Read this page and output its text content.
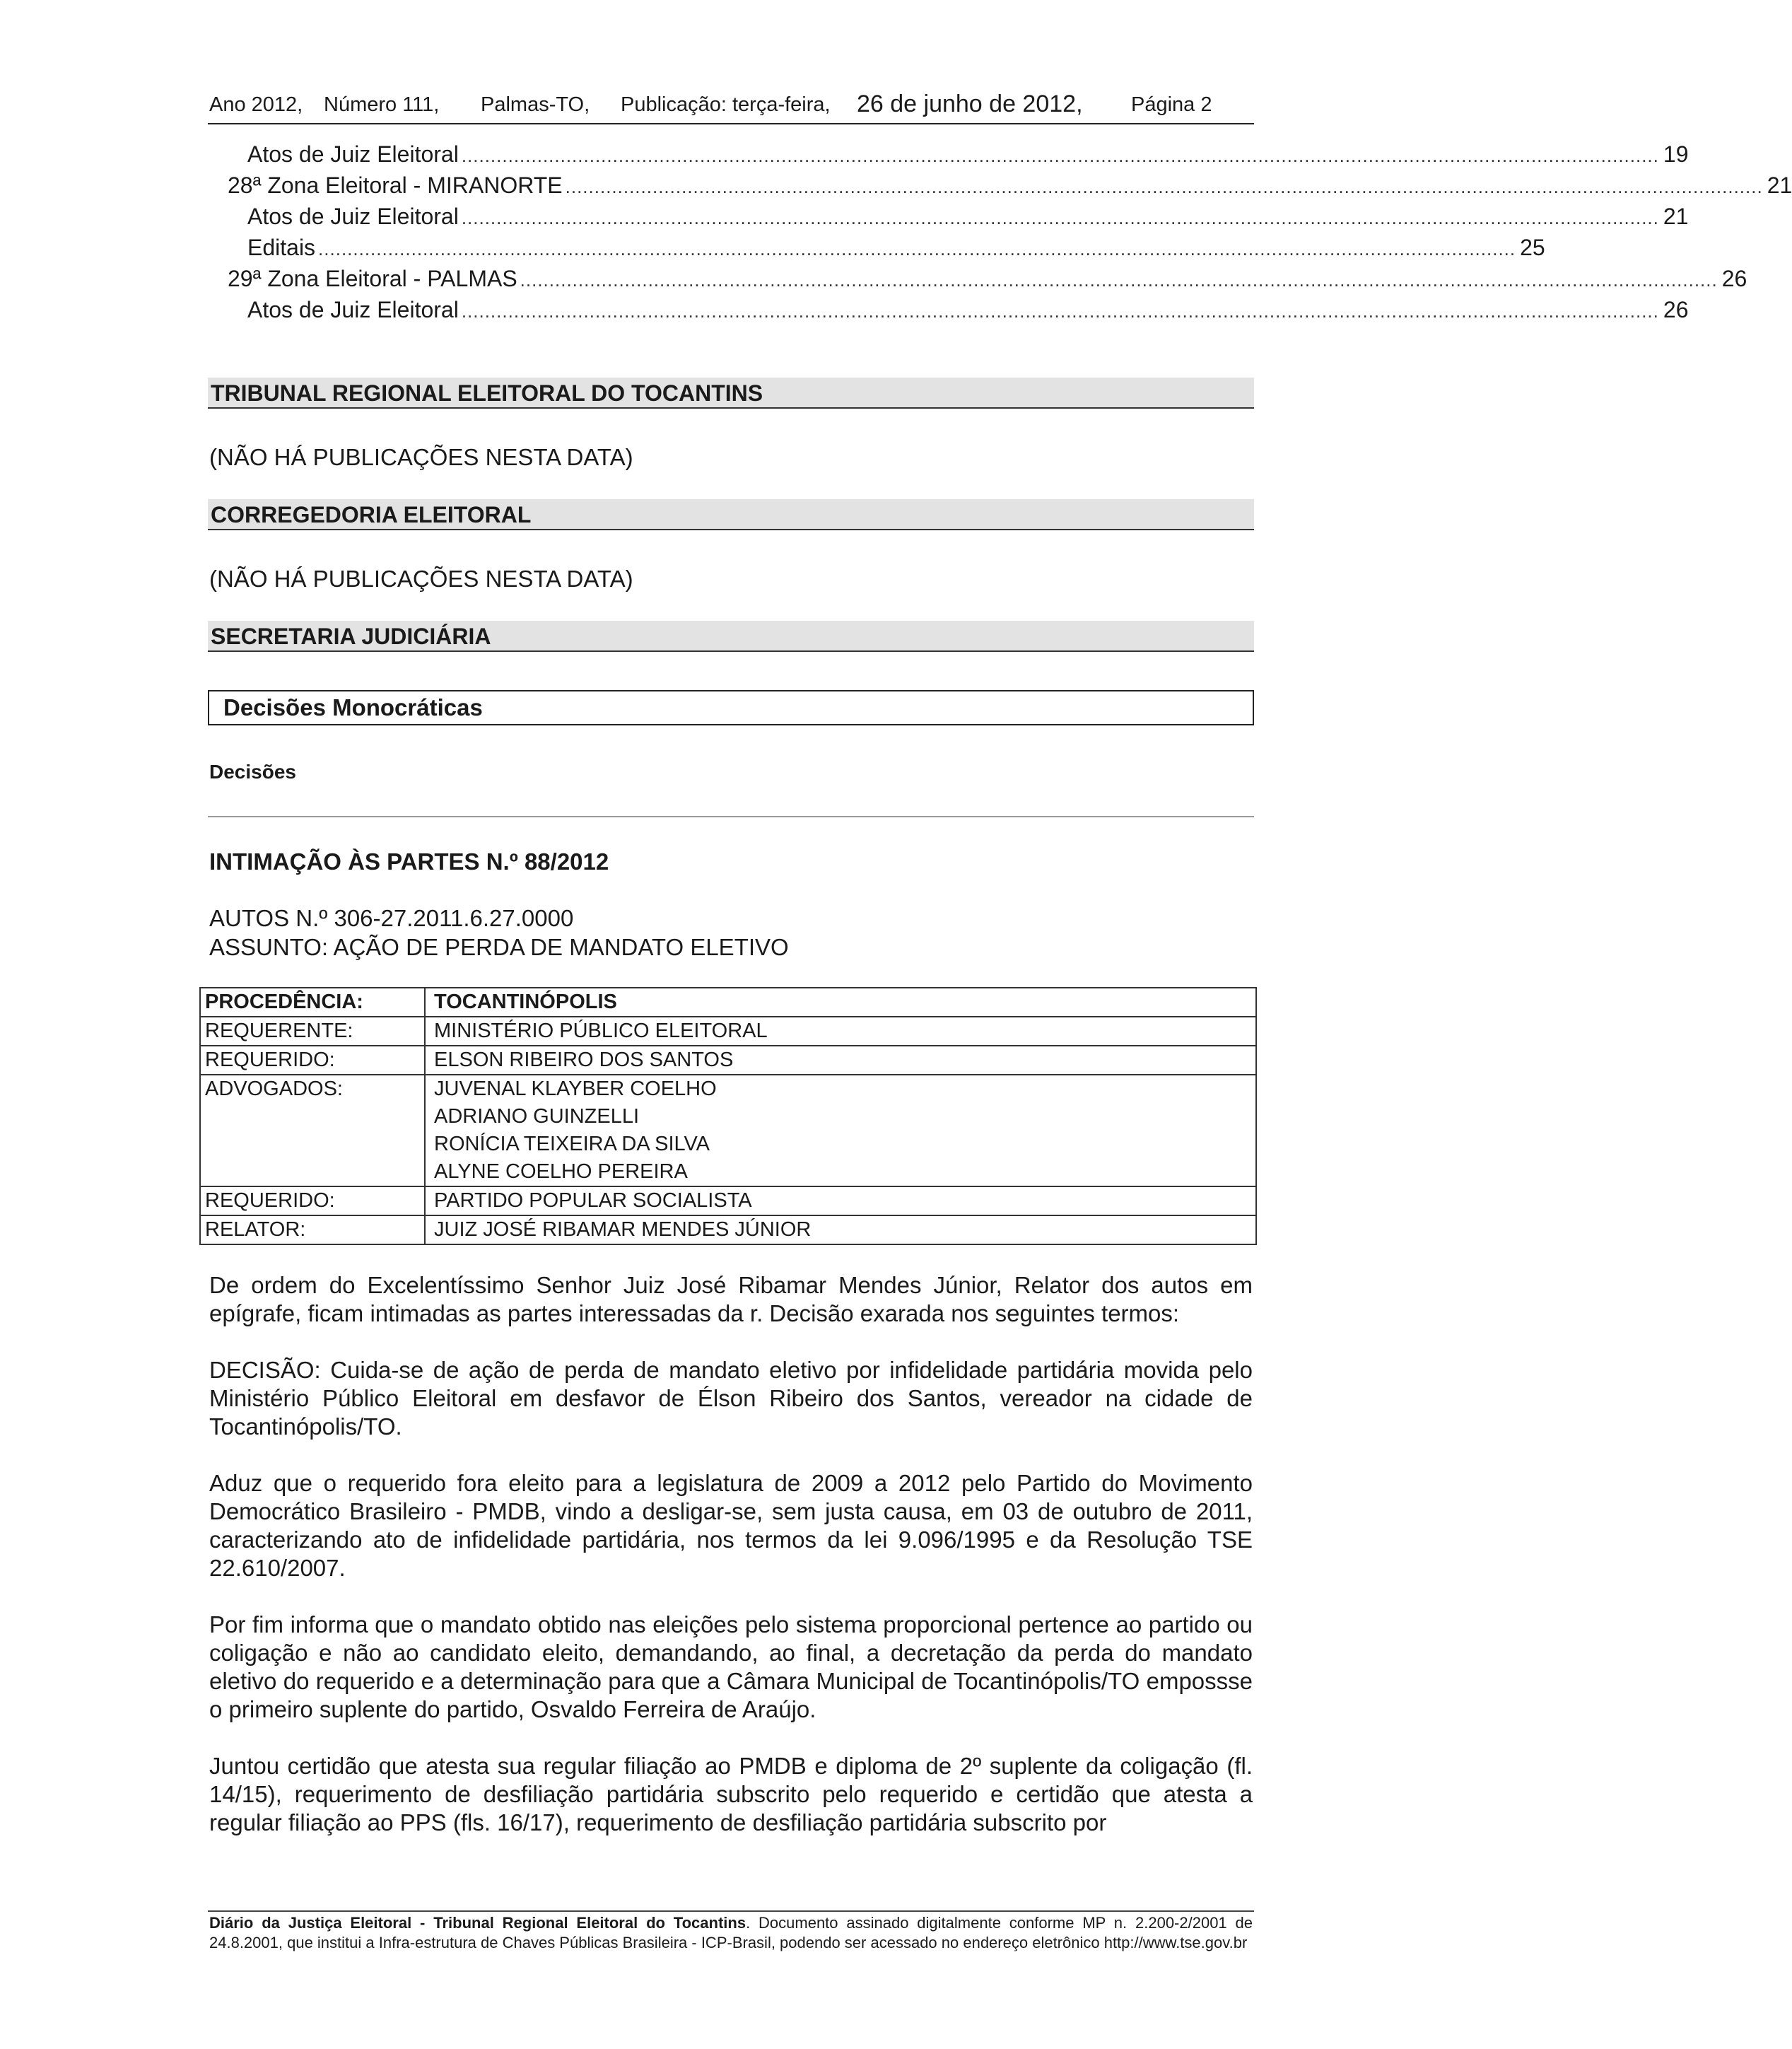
Ano 2012, Número 111, Palmas-TO, Publicação: terça-feira, 26 de junho de 2012, Página 2
Atos de Juiz Eleitoral .............................................................................................................................................................................................................. 19
28ª Zona Eleitoral - MIRANORTE .............................................................................................................................................................................................................. 21
Atos de Juiz Eleitoral .............................................................................................................................................................................................................. 21
Editais .............................................................................................................................................................................................................. 25
29ª Zona Eleitoral - PALMAS .............................................................................................................................................................................................................. 26
Atos de Juiz Eleitoral .............................................................................................................................................................................................................. 26
TRIBUNAL REGIONAL ELEITORAL DO TOCANTINS
(NÃO HÁ PUBLICAÇÕES NESTA DATA)
CORREGEDORIA ELEITORAL
(NÃO HÁ PUBLICAÇÕES NESTA DATA)
SECRETARIA JUDICIÁRIA
Decisões Monocráticas
Decisões
INTIMAÇÃO ÀS PARTES N.º 88/2012
AUTOS N.º 306-27.2011.6.27.0000
ASSUNTO: AÇÃO DE PERDA DE MANDATO ELETIVO
PROCEDÊNCIA:	TOCANTINÓPOLIS
REQUERENTE:	MINISTÉRIO PÚBLICO ELEITORAL
REQUERIDO:	ELSON RIBEIRO DOS SANTOS
ADVOGADOS:	JUVENAL KLAYBER COELHO
ADRIANO GUINZELLI
RONÍCIA TEIXEIRA DA SILVA
ALYNE COELHO PEREIRA

REQUERIDO:	PARTIDO POPULAR SOCIALISTA
RELATOR:	JUIZ JOSÉ RIBAMAR MENDES JÚNIOR
De ordem do Excelentíssimo Senhor Juiz José Ribamar Mendes Júnior, Relator dos autos em epígrafe, ficam intimadas as partes interessadas da r. Decisão exarada nos seguintes termos:
DECISÃO: Cuida-se de ação de perda de mandato eletivo por infidelidade partidária movida pelo Ministério Público Eleitoral em desfavor de Élson Ribeiro dos Santos, vereador na cidade de Tocantinópolis/TO.
Aduz que o requerido fora eleito para a legislatura de 2009 a 2012 pelo Partido do Movimento Democrático Brasileiro - PMDB, vindo a desligar-se, sem justa causa, em 03 de outubro de 2011, caracterizando ato de infidelidade partidária, nos termos da lei 9.096/1995 e da Resolução TSE 22.610/2007.
Por fim informa que o mandato obtido nas eleições pelo sistema proporcional pertence ao partido ou coligação e não ao candidato eleito, demandando, ao final, a decretação da perda do mandato eletivo do requerido e a determinação para que a Câmara Municipal de Tocantinópolis/TO empossse o primeiro suplente do partido, Osvaldo Ferreira de Araújo.
Juntou certidão que atesta sua regular filiação ao PMDB e diploma de 2º suplente da coligação (fl. 14/15), requerimento de desfiliação partidária subscrito pelo requerido e certidão que atesta a regular filiação ao PPS (fls. 16/17), requerimento de desfiliação partidária subscrito por
Diário da Justiça Eleitoral - Tribunal Regional Eleitoral do Tocantins. Documento assinado digitalmente conforme MP n. 2.200-2/2001 de 24.8.2001, que institui a Infra-estrutura de Chaves Públicas Brasileira - ICP-Brasil, podendo ser acessado no endereço eletrônico http://www.tse.gov.br
